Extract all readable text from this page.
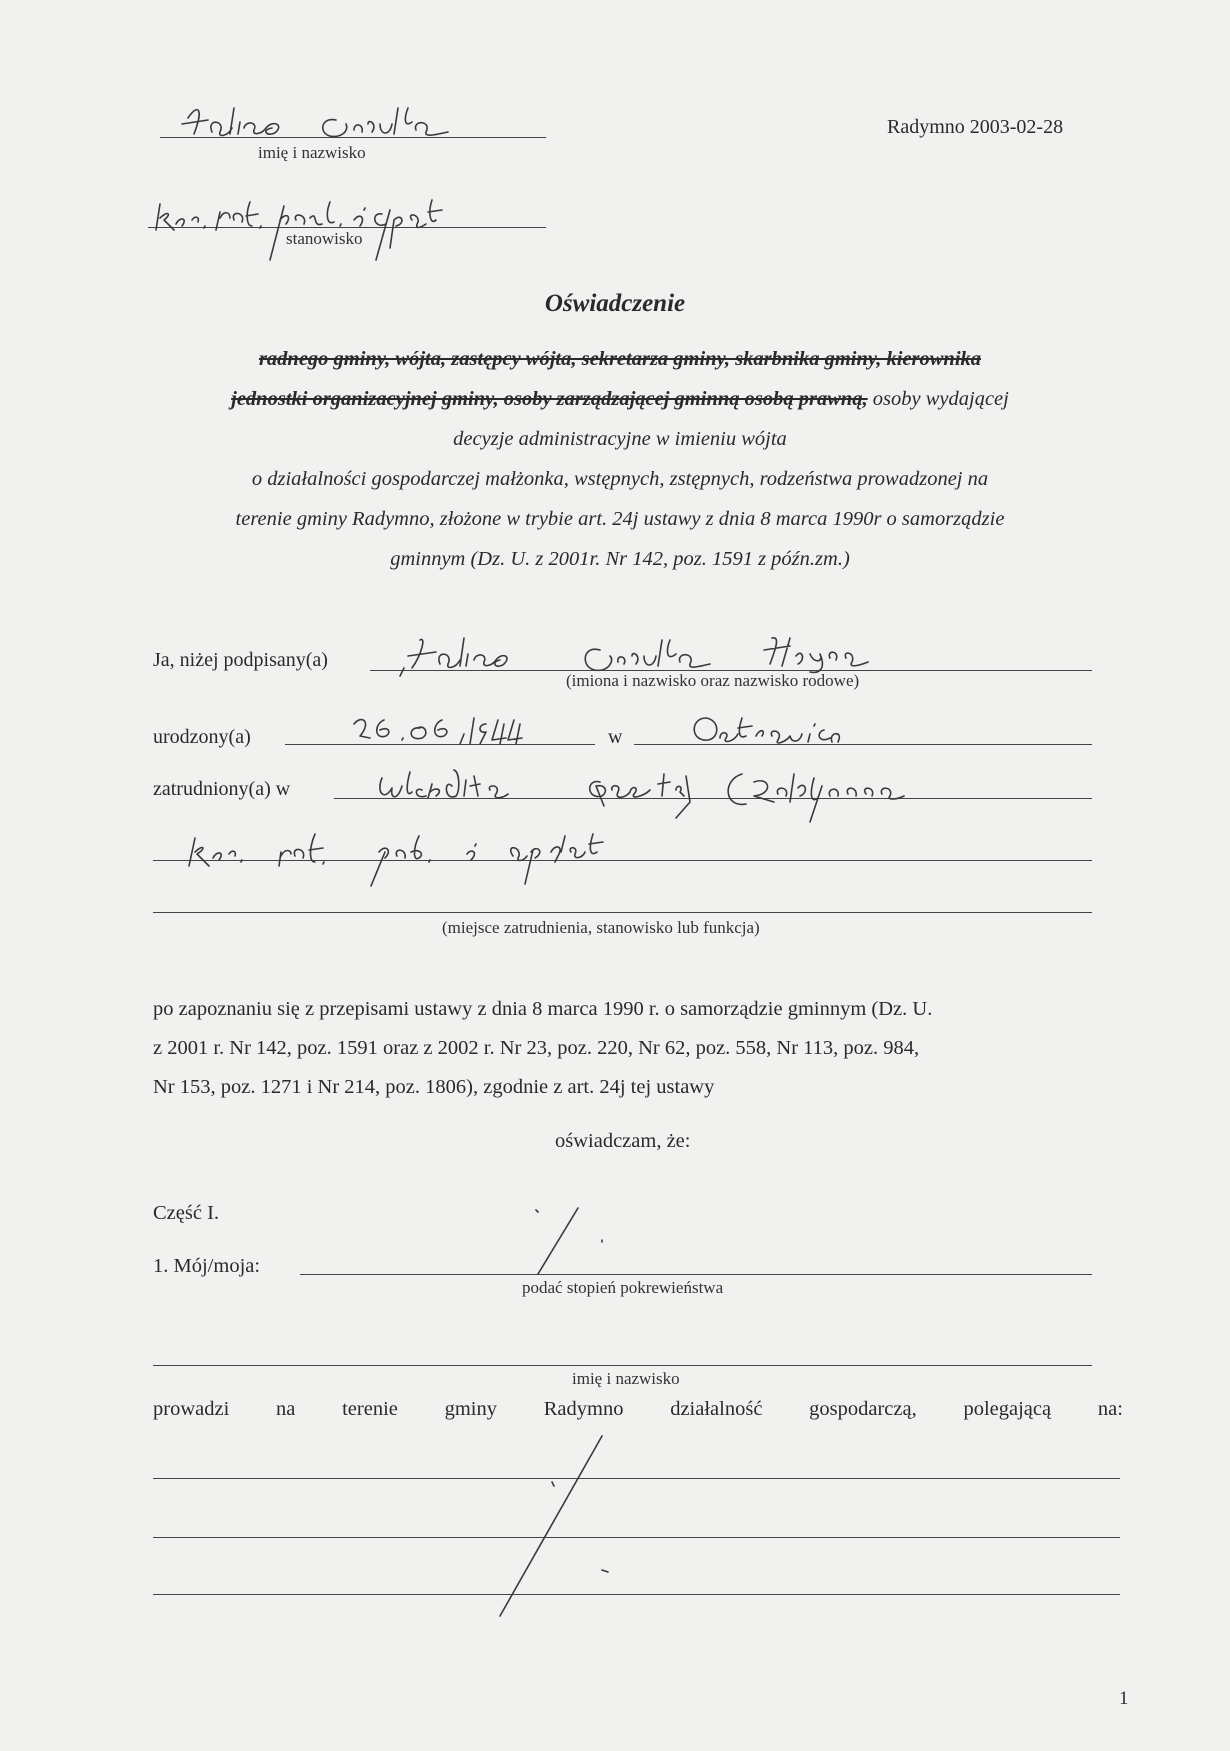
imię i nazwisko
Radymno 2003-02-28
stanowisko
Oświadczenie
radnego gminy, wójta, zastępcy wójta, sekretarza gminy, skarbnika gminy, kierownika
jednostki organizacyjnej gminy, osoby zarządzającej gminną osobą prawną, osoby wydającej
decyzje administracyjne w imieniu wójta
o działalności gospodarczej małżonka, wstępnych, zstępnych, rodzeństwa prowadzonej na
terenie gminy Radymno, złożone w trybie art. 24j ustawy z dnia 8 marca 1990r o samorządzie
gminnym (Dz. U. z 2001r. Nr 142, poz. 1591 z późn.zm.)
Ja, niżej podpisany(a)
(imiona i nazwisko oraz nazwisko rodowe)
urodzony(a)	w
zatrudniony(a) w
(miejsce zatrudnienia, stanowisko lub funkcja)
po zapoznaniu się z przepisami ustawy z dnia 8 marca 1990 r. o samorządzie gminnym (Dz. U.
z 2001 r. Nr 142, poz. 1591 oraz z 2002 r. Nr 23, poz. 220, Nr 62, poz. 558, Nr 113, poz. 984,
Nr 153, poz. 1271 i Nr 214, poz. 1806), zgodnie z art. 24j tej ustawy
oświadczam, że:
Część I.
1. Mój/moja:
podać stopień pokrewieństwa
imię i nazwisko
prowadzi na terenie gminy Radymno działalność gospodarczą, polegającą na:
1
